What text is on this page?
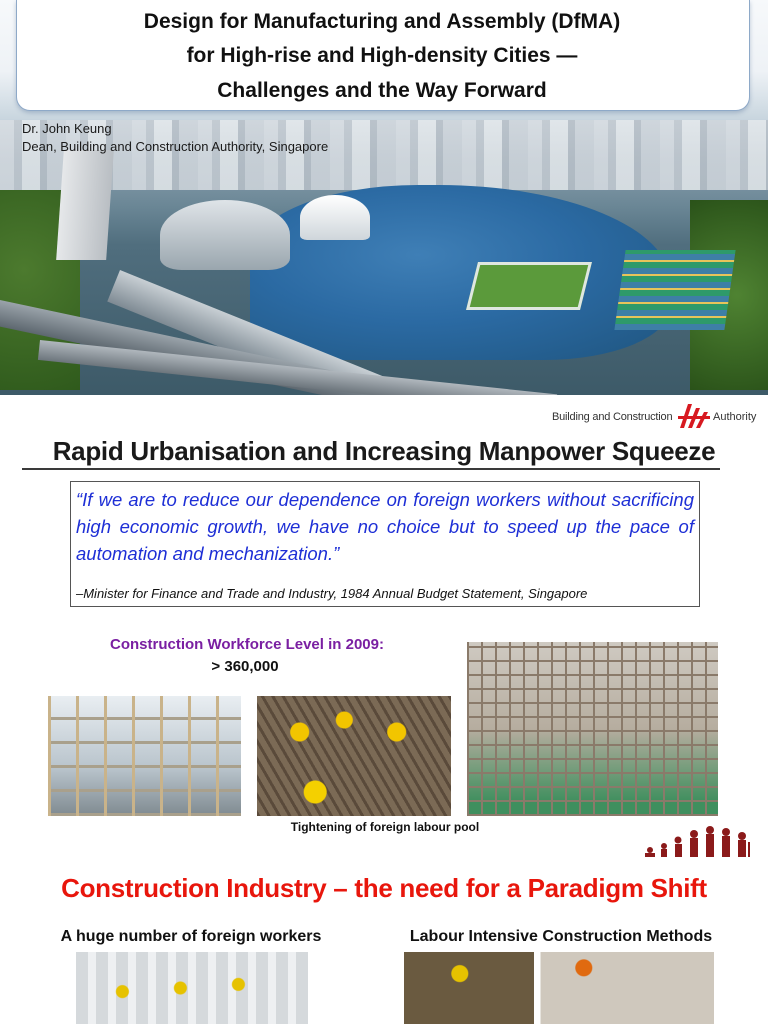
Design for Manufacturing and Assembly (DfMA)
for High-rise and High-density Cities —
Challenges and the Way Forward
Dr. John Keung
Dean, Building and Construction Authority, Singapore
Building and Construction	Authority
Rapid Urbanisation and Increasing Manpower Squeeze
“If we are to reduce our dependence on foreign workers without sacrificing high economic growth, we have no choice but to speed up the pace of automation and mechanization.”
–Minister for Finance and Trade and Industry, 1984 Annual Budget Statement, Singapore
Construction Workforce Level in 2009:
> 360,000
Tightening of foreign labour pool
Construction Industry – the need for a Paradigm Shift
A huge number of foreign workers	Labour Intensive Construction Methods
